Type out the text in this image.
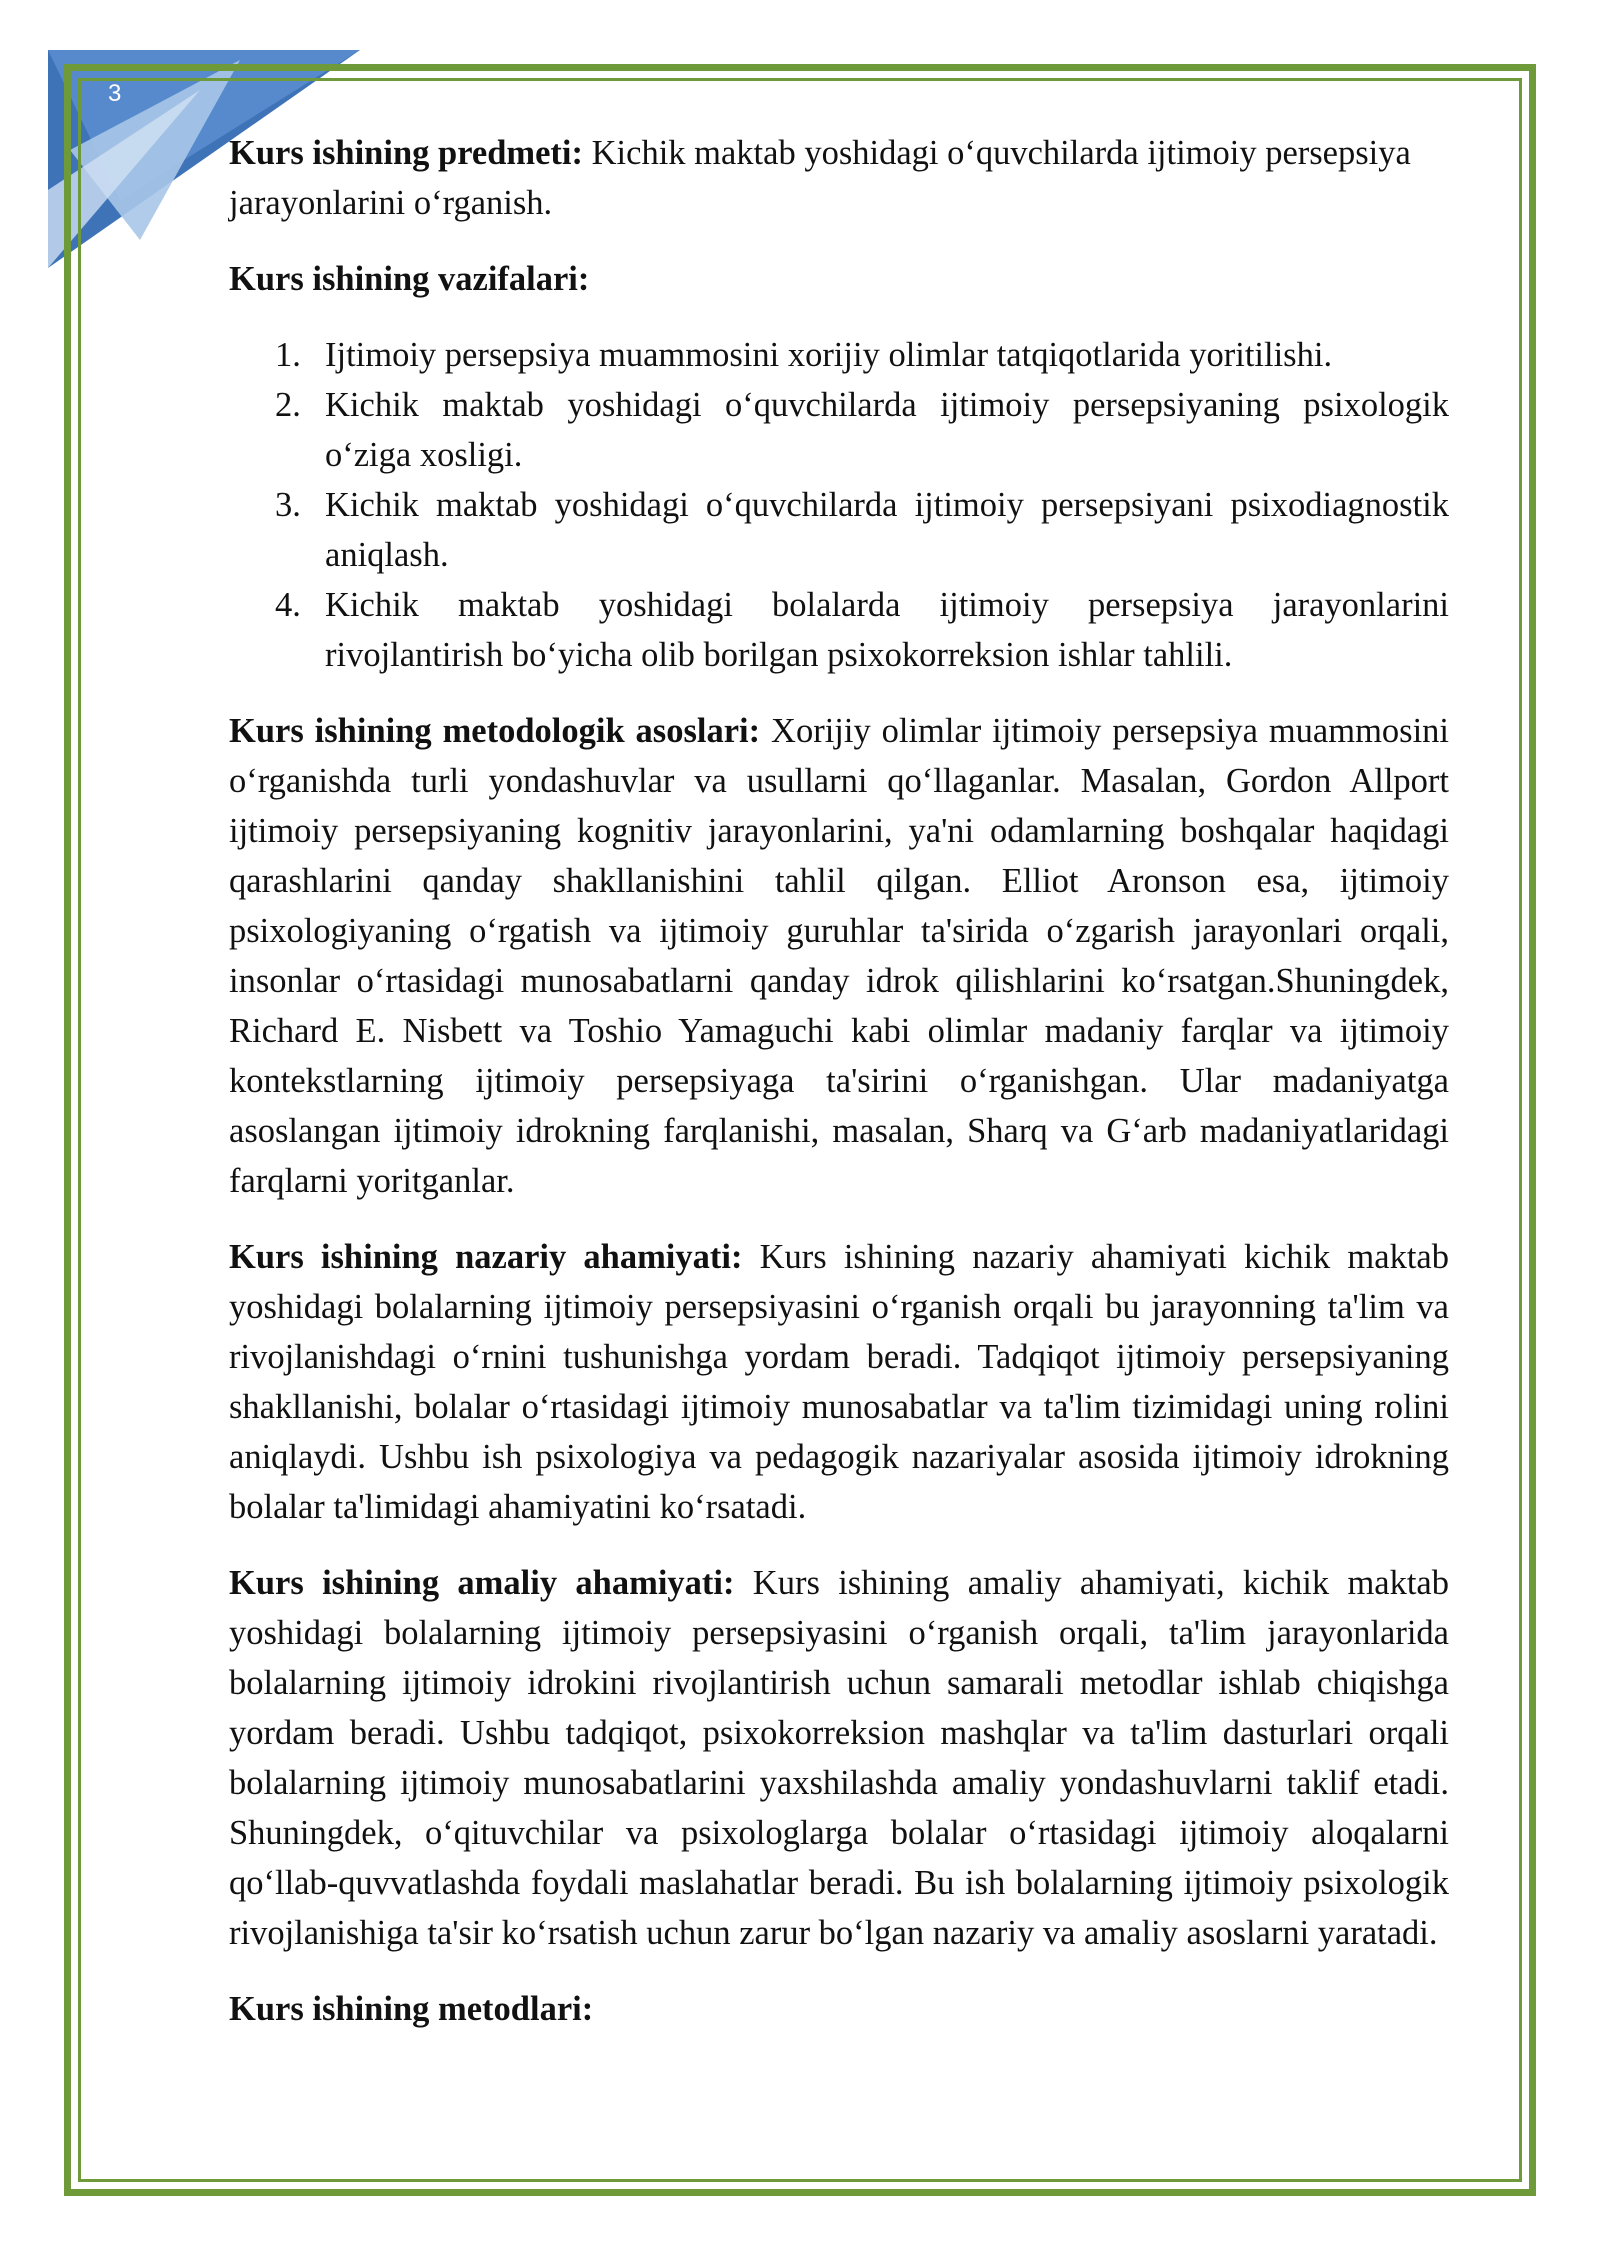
3

Kurs ishining predmeti: Kichik maktab yoshidagi o‘quvchilarda ijtimoiy persepsiya jarayonlarini o‘rganish.

Kurs ishining vazifalari:

1. Ijtimoiy persepsiya muammosini xorijiy olimlar tatqiqotlarida yoritilishi.
2. Kichik maktab yoshidagi o‘quvchilarda ijtimoiy persepsiyaning psixologik o‘ziga xosligi.
3. Kichik maktab yoshidagi o‘quvchilarda ijtimoiy persepsiyani psixodiagnostik aniqlash.
4. Kichik maktab yoshidagi bolalarda ijtimoiy persepsiya jarayonlarini rivojlantirish bo‘yicha olib borilgan psixokorreksion ishlar tahlili.

Kurs ishining metodologik asoslari: Xorijiy olimlar ijtimoiy persepsiya muammosini o‘rganishda turli yondashuvlar va usullarni qo‘llaganlar. Masalan, Gordon Allport ijtimoiy persepsiyaning kognitiv jarayonlarini, ya'ni odamlarning boshqalar haqidagi qarashlarini qanday shakllanishini tahlil qilgan. Elliot Aronson esa, ijtimoiy psixologiyaning o‘rgatish va ijtimoiy guruhlar ta'sirida o‘zgarish jarayonlari orqali, insonlar o‘rtasidagi munosabatlarni qanday idrok qilishlarini ko‘rsatgan.Shuningdek, Richard E. Nisbett va Toshio Yamaguchi kabi olimlar madaniy farqlar va ijtimoiy kontekstlarning ijtimoiy persepsiyaga ta'sirini o‘rganishgan. Ular madaniyatga asoslangan ijtimoiy idrokning farqlanishi, masalan, Sharq va G‘arb madaniyatlaridagi farqlarni yoritganlar.

Kurs ishining nazariy ahamiyati: Kurs ishining nazariy ahamiyati kichik maktab yoshidagi bolalarning ijtimoiy persepsiyasini o‘rganish orqali bu jarayonning ta'lim va rivojlanishdagi o‘rnini tushunishga yordam beradi. Tadqiqot ijtimoiy persepsiyaning shakllanishi, bolalar o‘rtasidagi ijtimoiy munosabatlar va ta'lim tizimidagi uning rolini aniqlaydi. Ushbu ish psixologiya va pedagogik nazariyalar asosida ijtimoiy idrokning bolalar ta'limidagi ahamiyatini ko‘rsatadi.

Kurs ishining amaliy ahamiyati: Kurs ishining amaliy ahamiyati, kichik maktab yoshidagi bolalarning ijtimoiy persepsiyasini o‘rganish orqali, ta'lim jarayonlarida bolalarning ijtimoiy idrokini rivojlantirish uchun samarali metodlar ishlab chiqishga yordam beradi. Ushbu tadqiqot, psixokorreksion mashqlar va ta'lim dasturlari orqali bolalarning ijtimoiy munosabatlarini yaxshilashda amaliy yondashuvlarni taklif etadi. Shuningdek, o‘qituvchilar va psixologlarga bolalar o‘rtasidagi ijtimoiy aloqalarni qo‘llab-quvvatlashda foydali maslahatlar beradi. Bu ish bolalarning ijtimoiy psixologik rivojlanishiga ta'sir ko‘rsatish uchun zarur bo‘lgan nazariy va amaliy asoslarni yaratadi.

Kurs ishining metodlari:
